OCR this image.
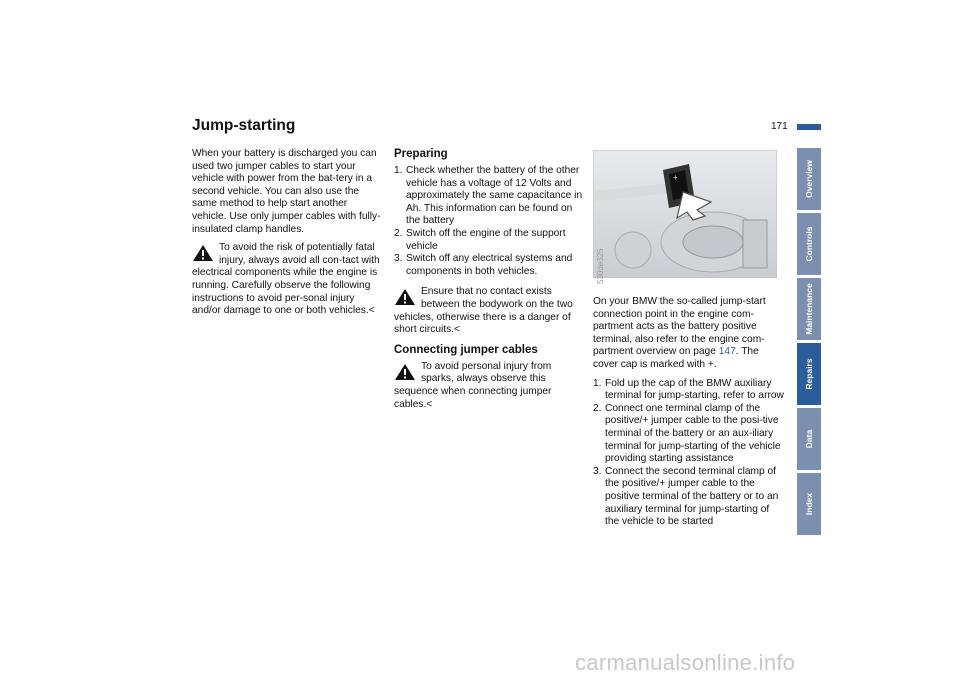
Jump-starting	171

When your battery is discharged you can used two jumper cables to start your vehicle with power from the bat-tery in a second vehicle. You can also use the same method to help start another vehicle. Use only jumper cables with fully-insulated clamp handles.

To avoid the risk of potentially fatal injury, always avoid all con-tact with electrical components while the engine is running. Carefully observe the following instructions to avoid per-sonal injury and/or damage to one or both vehicles.<
Preparing
1. Check whether the battery of the other vehicle has a voltage of 12 Volts and approximately the same capacitance in Ah. This information can be found on the battery
2. Switch off the engine of the support vehicle
3. Switch off any electrical systems and components in both vehicles.
Ensure that no contact exists between the bodywork on the two vehicles, otherwise there is a danger of short circuits.<
Connecting jumper cables
To avoid personal injury from sparks, always observe this sequence when connecting jumper cables.<
+
530de325

On your BMW the so-called jump-start connection point in the engine com-partment acts as the battery positive terminal, also refer to the engine com-partment overview on page 147. The cover cap is marked with +.

1. Fold up the cap of the BMW auxiliary terminal for jump-starting, refer to arrow
2. Connect one terminal clamp of the positive/+ jumper cable to the posi-tive terminal of the battery or an aux-iliary terminal for jump-starting of the vehicle providing starting assistance
3. Connect the second terminal clamp of the positive/+ jumper cable to the positive terminal of the battery or to an auxiliary terminal for jump-starting of the vehicle to be started
Overview
Controls
Maintenance
Repairs
Data
Index
carmanualsonline.info
